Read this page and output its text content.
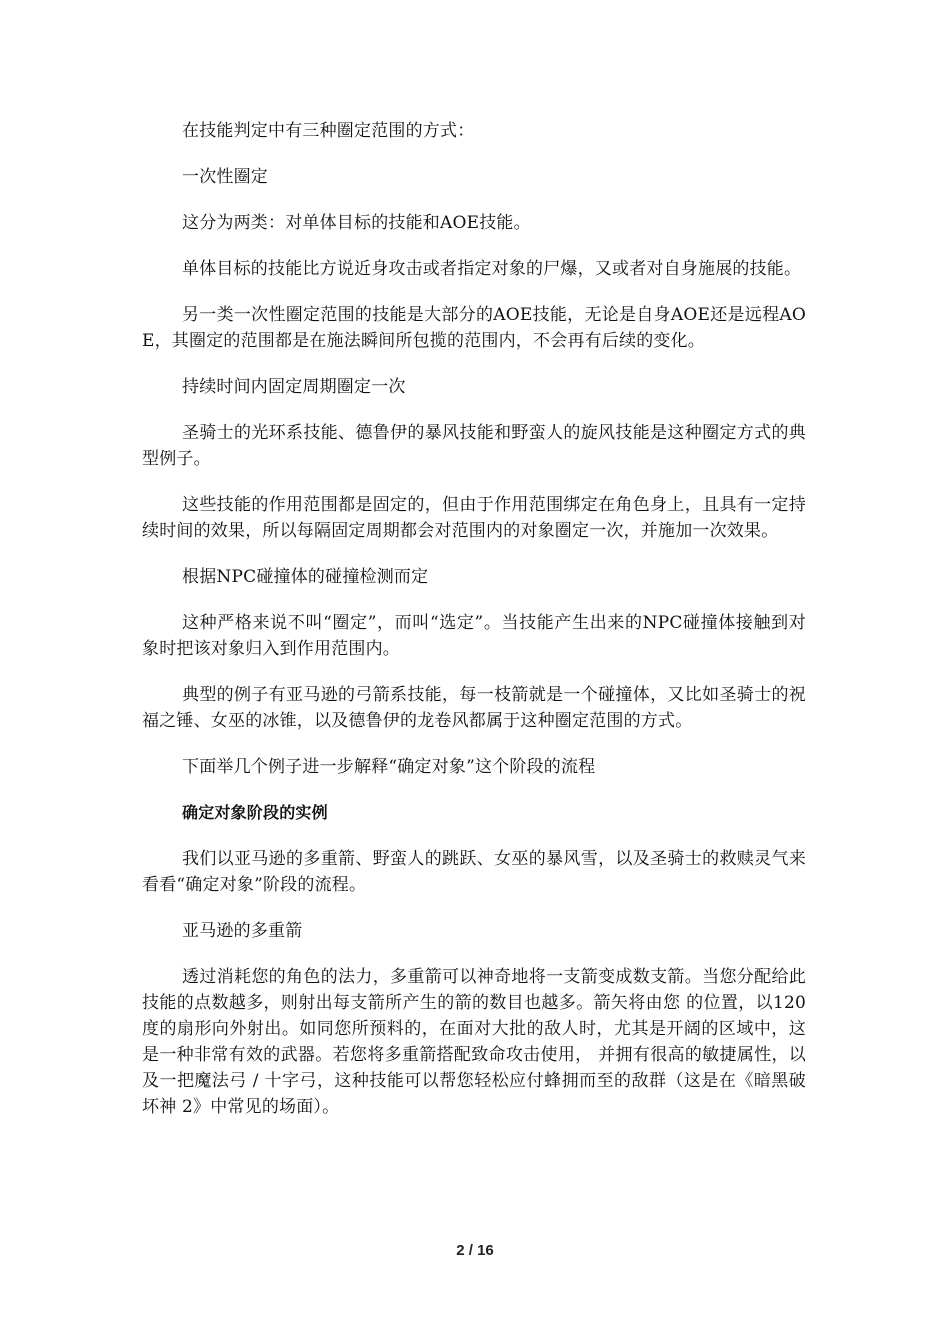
在技能判定中有三种圈定范围的方式：

一次性圈定

这分为两类：对单体目标的技能和AOE技能。

单体目标的技能比方说近身攻击或者指定对象的尸爆，又或者对自身施展的技能。

另一类一次性圈定范围的技能是大部分的AOE技能，无论是自身AOE还是远程AOE，其圈定的范围都是在施法瞬间所包揽的范围内，不会再有后续的变化。

持续时间内固定周期圈定一次

圣骑士的光环系技能、德鲁伊的暴风技能和野蛮人的旋风技能是这种圈定方式的典型例子。

这些技能的作用范围都是固定的，但由于作用范围绑定在角色身上，且具有一定持续时间的效果，所以每隔固定周期都会对范围内的对象圈定一次，并施加一次效果。

根据NPC碰撞体的碰撞检测而定

这种严格来说不叫“圈定”，而叫“选定”。当技能产生出来的NPC碰撞体接触到对象时把该对象归入到作用范围内。

典型的例子有亚马逊的弓箭系技能，每一枝箭就是一个碰撞体，又比如圣骑士的祝福之锤、女巫的冰锥，以及德鲁伊的龙卷风都属于这种圈定范围的方式。

下面举几个例子进一步解释“确定对象”这个阶段的流程

确定对象阶段的实例

我们以亚马逊的多重箭、野蛮人的跳跃、女巫的暴风雪，以及圣骑士的救赎灵气来看看“确定对象”阶段的流程。

亚马逊的多重箭

透过消耗您的角色的法力，多重箭可以神奇地将一支箭变成数支箭。当您分配给此技能的点数越多，则射出每支箭所产生的箭的数目也越多。箭矢将由您 的位置，以120度的扇形向外射出。如同您所预料的，在面对大批的敌人时，尤其是开阔的区域中，这是一种非常有效的武器。若您将多重箭搭配致命攻击使用， 并拥有很高的敏捷属性，以及一把魔法弓 / 十字弓，这种技能可以帮您轻松应付蜂拥而至的敌群（这是在《暗黑破坏神 2》中常见的场面）。

2 / 16
